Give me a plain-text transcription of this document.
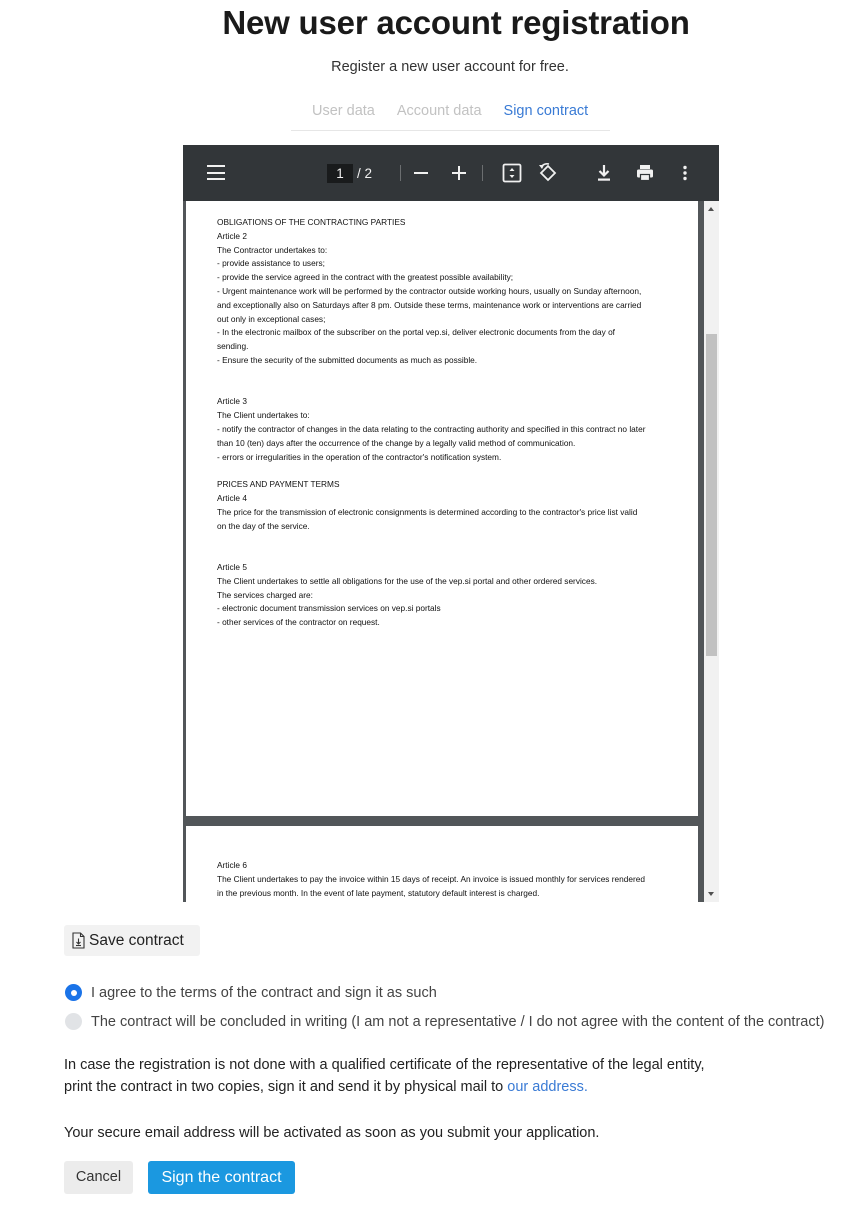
New user account registration
Register a new user account for free.
User data	Account data	Sign contract
1 / 2

OBLIGATIONS OF THE CONTRACTING PARTIES

Article 2

The Contractor undertakes to:

- provide assistance to users;

- provide the service agreed in the contract with the greatest possible availability;

- Urgent maintenance work will be performed by the contractor outside working hours, usually on Sunday afternoon,

and exceptionally also on Saturdays after 8 pm. Outside these terms, maintenance work or interventions are carried

out only in exceptional cases;

- In the electronic mailbox of the subscriber on the portal vep.si, deliver electronic documents from the day of

sending.

- Ensure the security of the submitted documents as much as possible.

Article 3

The Client undertakes to:

- notify the contractor of changes in the data relating to the contracting authority and specified in this contract no later

than 10 (ten) days after the occurrence of the change by a legally valid method of communication.

- errors or irregularities in the operation of the contractor's notification system.

PRICES AND PAYMENT TERMS

Article 4

The price for the transmission of electronic consignments is determined according to the contractor's price list valid

on the day of the service.

Article 5

The Client undertakes to settle all obligations for the use of the vep.si portal and other ordered services.

The services charged are:

- electronic document transmission services on vep.si portals

- other services of the contractor on request.

Article 6

The Client undertakes to pay the invoice within 15 days of receipt. An invoice is issued monthly for services rendered

in the previous month. In the event of late payment, statutory default interest is charged.

Save contract
I agree to the terms of the contract and sign it as such
The contract will be concluded in writing (I am not a representative / I do not agree with the content of the contract)
In case the registration is not done with a qualified certificate of the representative of the legal entity,
print the contract in two copies, sign it and send it by physical mail to our address.
Your secure email address will be activated as soon as you submit your application.
Cancel	Sign the contract
